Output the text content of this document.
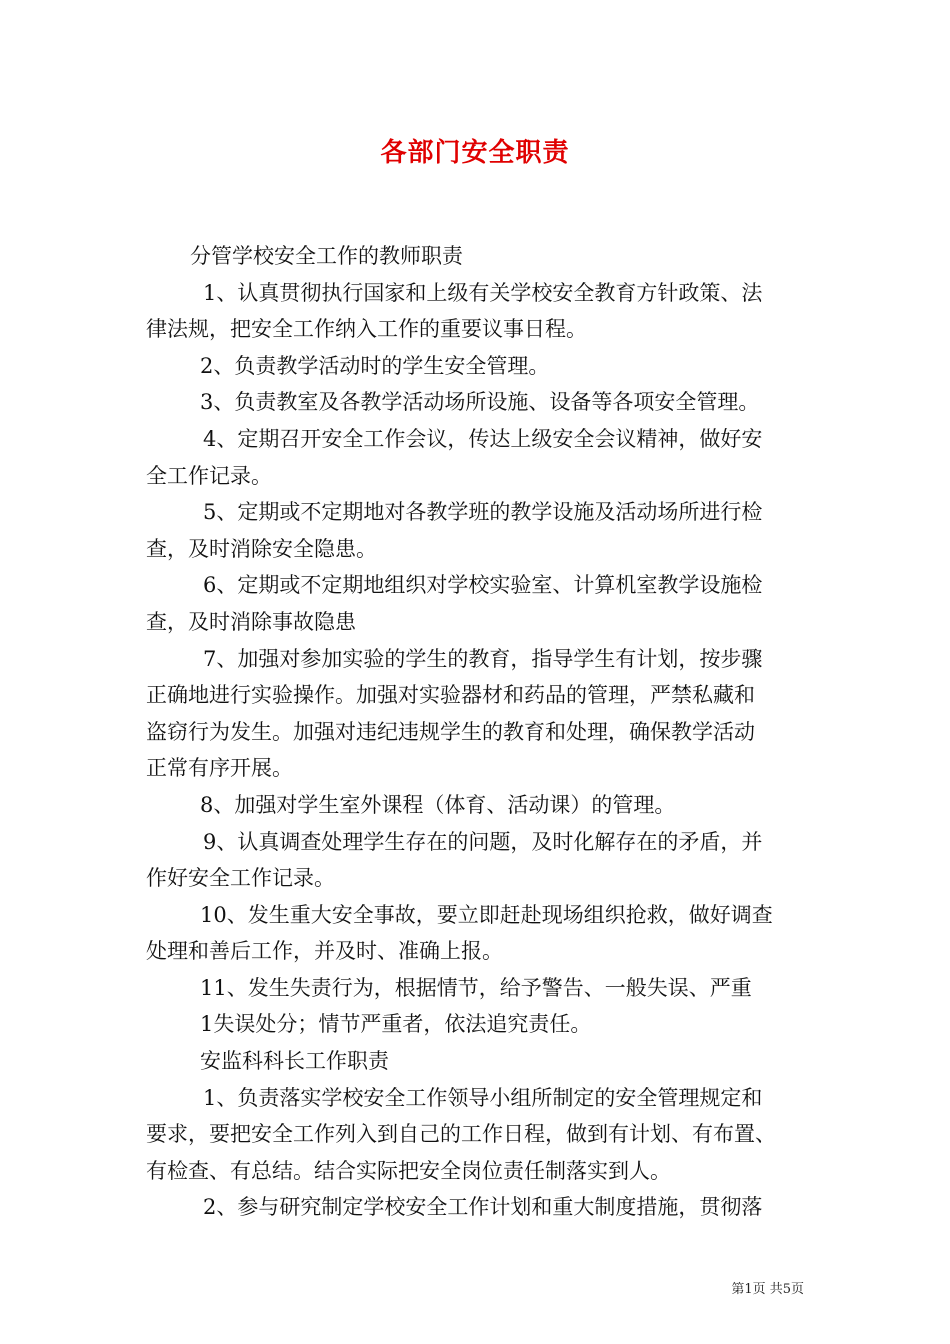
各部门安全职责
分管学校安全工作的教师职责
1、认真贯彻执行国家和上级有关学校安全教育方针政策、法
律法规，把安全工作纳入工作的重要议事日程。
2、负责教学活动时的学生安全管理。
3、负责教室及各教学活动场所设施、设备等各项安全管理。
4、定期召开安全工作会议，传达上级安全会议精神，做好安
全工作记录。
5、定期或不定期地对各教学班的教学设施及活动场所进行检
查，及时消除安全隐患。
6、定期或不定期地组织对学校实验室、计算机室教学设施检
查，及时消除事故隐患
7、加强对参加实验的学生的教育，指导学生有计划，按步骤
正确地进行实验操作。加强对实验器材和药品的管理，严禁私藏和
盗窃行为发生。加强对违纪违规学生的教育和处理，确保教学活动
正常有序开展。
8、加强对学生室外课程（体育、活动课）的管理。
9、认真调查处理学生存在的问题，及时化解存在的矛盾，并
作好安全工作记录。
10、发生重大安全事故，要立即赶赴现场组织抢救，做好调查
处理和善后工作，并及时、准确上报。
11、发生失责行为，根据情节，给予警告、一般失误、严重
1失误处分；情节严重者，依法追究责任。
安监科科长工作职责
1、负责落实学校安全工作领导小组所制定的安全管理规定和
要求，要把安全工作列入到自己的工作日程，做到有计划、有布置、
有检查、有总结。结合实际把安全岗位责任制落实到人。
2、参与研究制定学校安全工作计划和重大制度措施，贯彻落
第1页 共5页
